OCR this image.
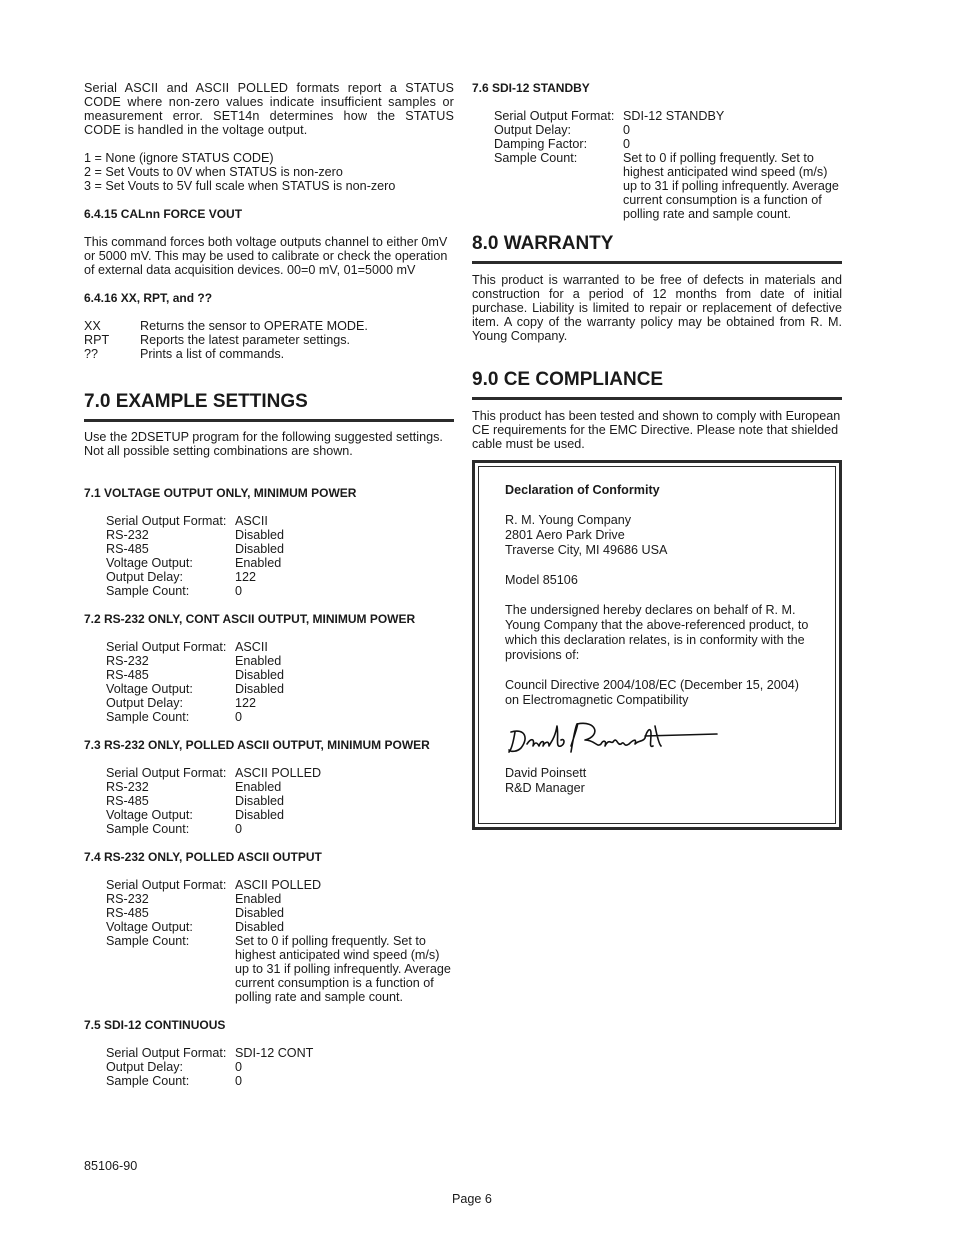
Serial ASCII and ASCII POLLED formats report a STATUS CODE where non-zero values indicate insufficient samples or measurement error. SET14n determines how the STATUS CODE is handled in the voltage output.

1 = None (ignore STATUS CODE)

2 = Set Vouts to 0V when STATUS is non-zero

3 = Set Vouts to 5V full scale when STATUS is non-zero

6.4.15 CALnn FORCE VOUT

This command forces both voltage outputs channel to either 0mV or 5000 mV. This may be used to calibrate or check the operation of external data acquisition devices. 00=0 mV, 01=5000 mV

6.4.16 XX, RPT, and ??

XX	Returns the sensor to OPERATE MODE.
RPT	Reports the latest parameter settings.
??	Prints a list of commands.
7.0 EXAMPLE SETTINGS

Use the 2DSETUP program for the following suggested settings. Not all possible setting combinations are shown.

7.1 VOLTAGE OUTPUT ONLY, MINIMUM POWER

Serial Output Format: ASCII
RS-232	Disabled
RS-485	Disabled
Voltage Output:	Enabled
Output Delay:	122
Sample Count:	0

7.2 RS-232 ONLY, CONT ASCII OUTPUT, MINIMUM POWER

Serial Output Format: ASCII
RS-232	Enabled
RS-485	Disabled
Voltage Output:	Disabled
Output Delay:	122
Sample Count:	0

7.3 RS-232 ONLY, POLLED ASCII OUTPUT, MINIMUM POWER

Serial Output Format: ASCII POLLED
RS-232	Enabled
RS-485	Disabled
Voltage Output:	Disabled
Sample Count:	0

7.4 RS-232 ONLY, POLLED ASCII OUTPUT

Serial Output Format: ASCII POLLED
RS-232	Enabled
RS-485	Disabled
Voltage Output:	Disabled
Sample Count:	Set to 0 if polling frequently. Set to highest anticipated wind speed (m/s) up to 31 if polling infrequently. Average current consumption is a function of polling rate and sample count.

7.5 SDI-12 CONTINUOUS

Serial Output Format: SDI-12 CONT
Output Delay:	0
Sample Count:	0

7.6 SDI-12 STANDBY

Serial Output Format: SDI-12 STANDBY
Output Delay:	0
Damping Factor:	0
Sample Count:	Set to 0 if polling frequently. Set to highest anticipated wind speed (m/s) up to 31 if polling infrequently. Average current consumption is a function of polling rate and sample count.
8.0 WARRANTY

This product is warranted to be free of defects in materials and construction for a period of 12 months from date of initial purchase. Liability is limited to repair or replacement of defective item. A copy of the warranty policy may be obtained from R. M. Young Company.

9.0 CE COMPLIANCE

This product has been tested and shown to comply with European CE requirements for the EMC Directive. Please note that shielded cable must be used.

Declaration of Conformity

R. M. Young Company

2801 Aero Park Drive

Traverse City, MI 49686 USA

Model 85106

The undersigned hereby declares on behalf of R. M. Young Company that the above-referenced product, to which this declaration relates, is in conformity with the provisions of:

Council Directive 2004/108/EC (December 15, 2004) on Electromagnetic Compatibility

David Poinsett

David Poinsett

R&D Manager

85106-90
Page 6
